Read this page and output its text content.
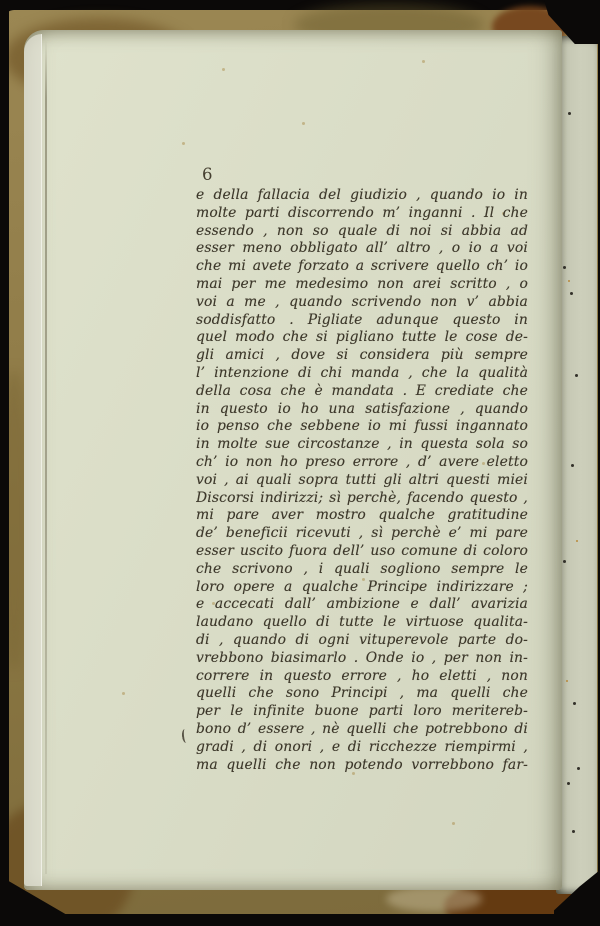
6
e della fallacia del giudizio , quando io in
molte parti discorrendo m’ inganni . Il che
essendo , non so quale di noi si abbia ad
esser meno obbligato all’ altro , o io a voi
che mi avete forzato a scrivere quello ch’ io
mai per me medesimo non arei scritto , o
voi a me , quando scrivendo non v’ abbia
soddisfatto . Pigliate adunque questo in
quel modo che si pigliano tutte le cose de-
gli amici , dove si considera più sempre
l’ intenzione di chi manda , che la qualità
della cosa che è mandata . E crediate che
in questo io ho una satisfazione , quando
io penso che sebbene io mi fussi ingannato
in molte sue circostanze , in questa sola so
ch’ io non ho preso errore , d’ avere eletto
voi , ai quali sopra tutti gli altri questi miei
Discorsi indirizzi; sì perchè, facendo questo ,
mi pare aver mostro qualche gratitudine
de’ beneficii ricevuti , sì perchè e’ mi pare
esser uscito fuora dell’ uso comune di coloro
che scrivono , i quali sogliono sempre le
loro opere a qualche Principe indirizzare ;
e accecati dall’ ambizione e dall’ avarizia
laudano quello di tutte le virtuose qualita-
di , quando di ogni vituperevole parte do-
vrebbono biasimarlo . Onde io , per non in-
correre in questo errore , ho eletti , non
quelli che sono Principi , ma quelli che
per le infinite buone parti loro meritereb-
bono d’ essere , nè quelli che potrebbono di
gradi , di onori , e di ricchezze riempirmi ,
ma quelli che non potendo vorrebbono far-
